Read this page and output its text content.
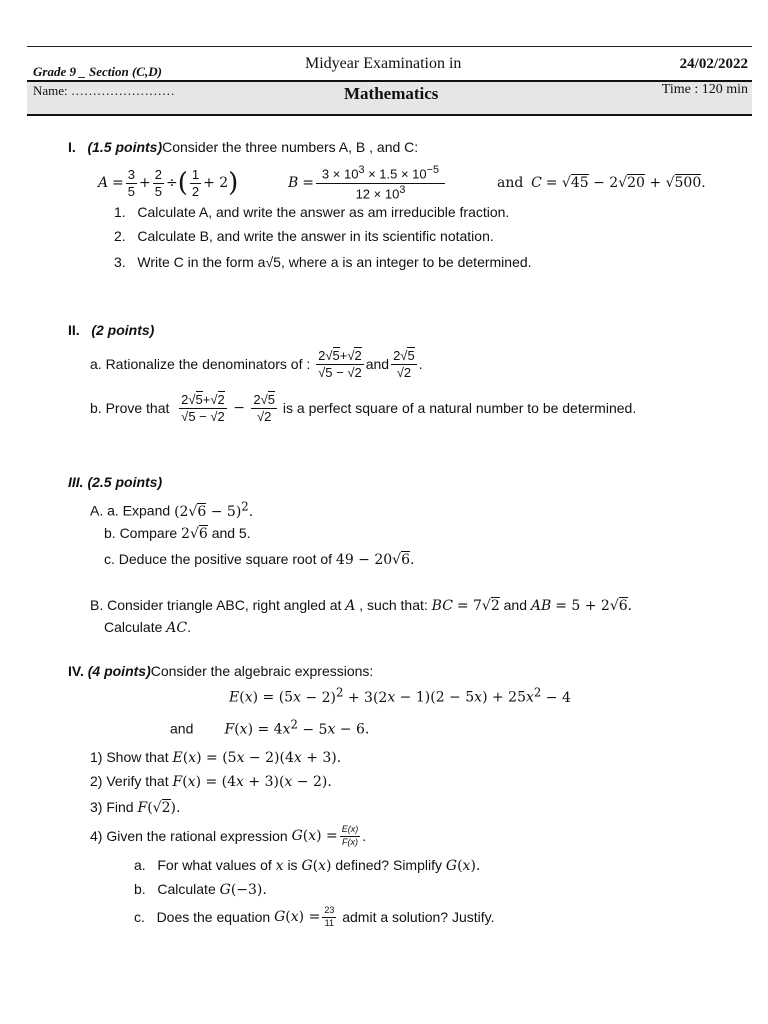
Grade 9 _ Section (C,D)	Midyear Examination in	24/02/2022
Name: ……………………	Mathematics	Time : 120 min
I. (1.5 points)Consider the three numbers A, B , and C:
A
= $\frac{3}{5} + \frac{2}{5}$ ÷ ( $\frac{1}{2} + 2$ )	B
= $\frac{3 \times 10^3 \times 1.5 \times 10^{-5}}{12 \times 10^3}$	and
C
= √45 − 2√20 + √500.
1.   Calculate A, and write the answer as am irreducible fraction.
2.   Calculate B, and write the answer in its scientific notation.
3.   Write C in the form a√5, where a is an integer to be determined.
II. (2 points)
a. Rationalize the denominators of :
$\frac{2√5+√2}{√5 - √2}$ and $\frac{2√5}{√2}$ .
b. Prove that
$\frac{2√5+√2}{√5 - √2} - \frac{2√5}{√2}$
is a perfect square of a natural number to be determined.
III. (2.5 points)
A. a. Expand $(2√6 - 5)^2$.
b. Compare 2√6 and 5.
c. Deduce the positive square root of 49 − 20√6.
B. Consider triangle ABC, right angled at A , such that: BC = 7√2 and AB = 5 + 2√6.
Calculate AC.
IV. (4 points)Consider the algebraic expressions:
$E(x) = (5x - 2)^2 + 3(2x - 1)(2 - 5x) + 25x^2 - 4$
and $F(x) = 4x^2 - 5x - 6$.
1) Show that E(x) = (5x − 2)(4x + 3).
2) Verify that F(x) = (4x + 3)(x − 2).
3) Find F(√2).
4) Given the rational expression
G ( x ) = $\frac{E(x)}{F(x)}$ .
a. For what values of x is G(x) defined? Simplify G(x).
b. Calculate G(−3).
c.
Does the equation
G ( x ) = $\frac{23}{11}$
admit a solution? Justify.
